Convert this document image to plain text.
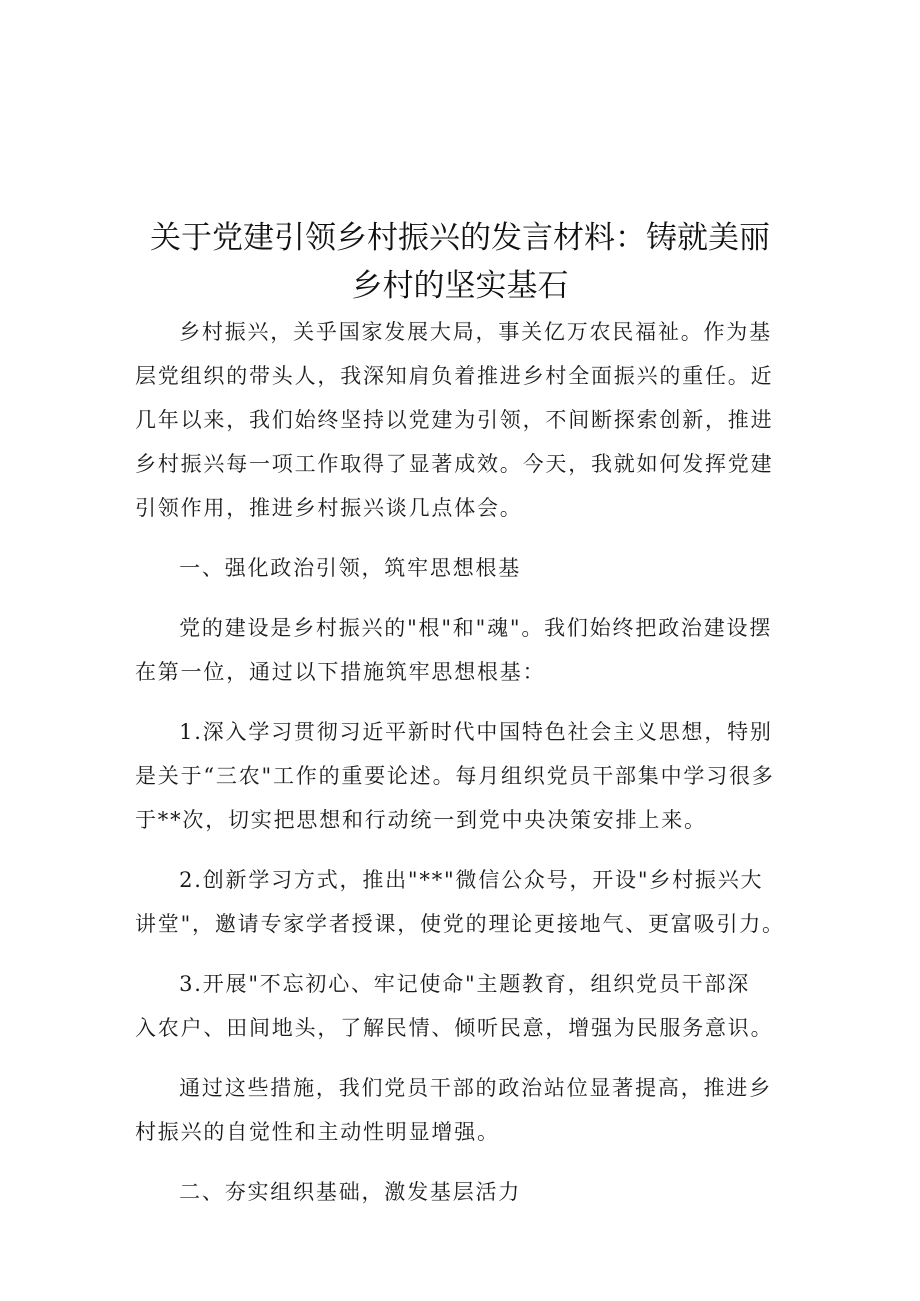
关于党建引领乡村振兴的发言材料：铸就美丽
乡村的坚实基石
乡村振兴，关乎国家发展大局，事关亿万农民福祉。作为基
层党组织的带头人，我深知肩负着推进乡村全面振兴的重任。近
几年以来，我们始终坚持以党建为引领，不间断探索创新，推进
乡村振兴每一项工作取得了显著成效。今天，我就如何发挥党建
引领作用，推进乡村振兴谈几点体会。
一、强化政治引领，筑牢思想根基
党的建设是乡村振兴的"根"和"魂"。我们始终把政治建设摆
在第一位，通过以下措施筑牢思想根基：
1.深入学习贯彻习近平新时代中国特色社会主义思想，特别
是关于“三农"工作的重要论述。每月组织党员干部集中学习很多
于**次，切实把思想和行动统一到党中央决策安排上来。
2.创新学习方式，推出"**"微信公众号，开设"乡村振兴大
讲堂"，邀请专家学者授课，使党的理论更接地气、更富吸引力。
3.开展"不忘初心、牢记使命"主题教育，组织党员干部深
入农户、田间地头，了解民情、倾听民意，增强为民服务意识。
通过这些措施，我们党员干部的政治站位显著提高，推进乡
村振兴的自觉性和主动性明显增强。
二、夯实组织基础，激发基层活力
